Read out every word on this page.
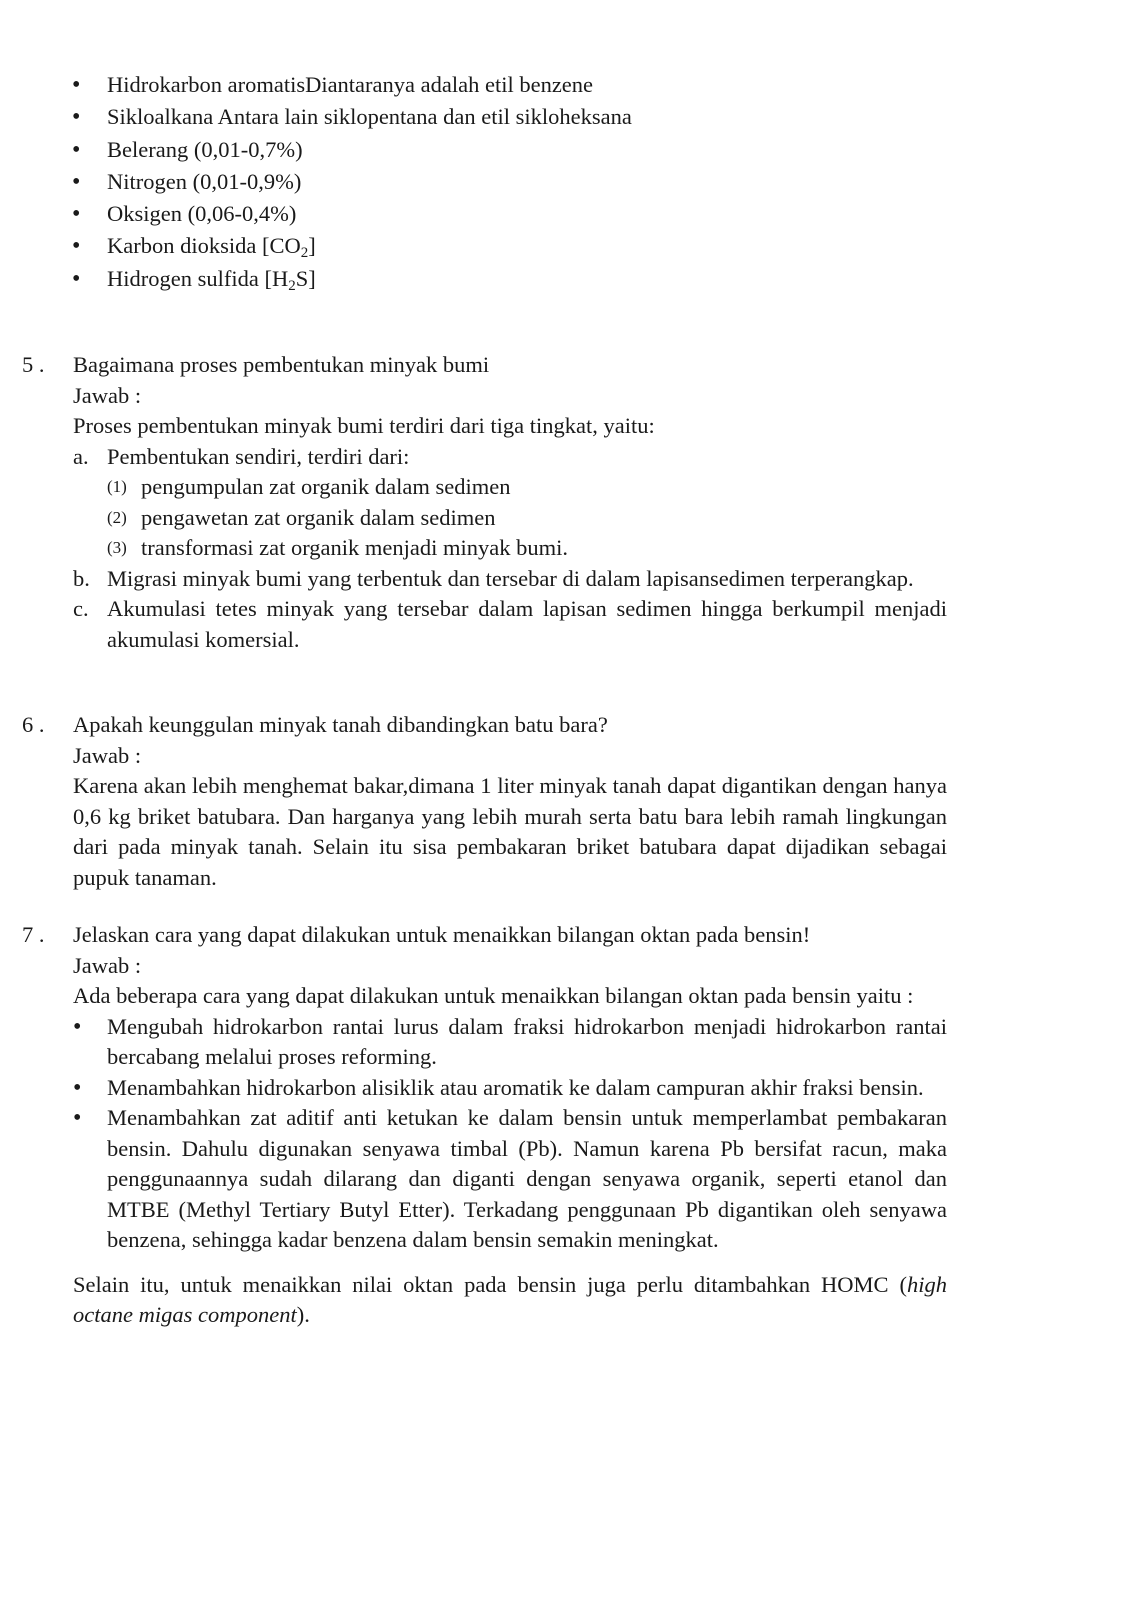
•
Hidrokarbon aromatisDiantaranya adalah etil benzene
•
Sikloalkana Antara lain siklopentana dan etil sikloheksana
•
Belerang (0,01-0,7%)
•
Nitrogen (0,01-0,9%)
•
Oksigen (0,06-0,4%)
•
Karbon dioksida $[CO_2]$
•
Hidrogen sulfida $[H_2S]$
5 .	Bagaimana proses pembentukan minyak bumi
Jawab :
Proses pembentukan minyak bumi terdiri dari tiga tingkat, yaitu:
a. Pembentukan sendiri, terdiri dari:
(1) pengumpulan zat organik dalam sedimen
(2) pengawetan zat organik dalam sedimen
(3) transformasi zat organik menjadi minyak bumi.
b. Migrasi minyak bumi yang terbentuk dan tersebar di dalam lapisansedimen terperangkap.
c. Akumulasi tetes minyak yang tersebar dalam lapisan sedimen hingga berkumpil menjadi akumulasi komersial.
6 .	Apakah keunggulan minyak tanah dibandingkan batu bara?
Jawab :
Karena akan lebih menghemat bakar,dimana 1 liter minyak tanah dapat digantikan dengan hanya 0,6 kg briket batubara. Dan harganya yang lebih murah serta batu bara lebih ramah lingkungan dari pada minyak tanah. Selain itu sisa pembakaran briket batubara dapat dijadikan sebagai pupuk tanaman.
7 .	Jelaskan cara yang dapat dilakukan untuk menaikkan bilangan oktan pada bensin!
Jawab :
Ada beberapa cara yang dapat dilakukan untuk menaikkan bilangan oktan pada bensin yaitu :
•
Mengubah hidrokarbon rantai lurus dalam fraksi hidrokarbon menjadi hidrokarbon rantai bercabang melalui proses reforming.
•
Menambahkan hidrokarbon alisiklik atau aromatik ke dalam campuran akhir fraksi bensin.
•
Menambahkan zat aditif anti ketukan ke dalam bensin untuk memperlambat pembakaran bensin. Dahulu digunakan senyawa timbal (Pb). Namun karena Pb bersifat racun, maka penggunaannya sudah dilarang dan diganti dengan senyawa organik, seperti etanol dan MTBE (Methyl Tertiary Butyl Etter). Terkadang penggunaan Pb digantikan oleh senyawa benzena, sehingga kadar benzena dalam bensin semakin meningkat.
Selain itu, untuk menaikkan nilai oktan pada bensin juga perlu ditambahkan HOMC (high octane migas component).
